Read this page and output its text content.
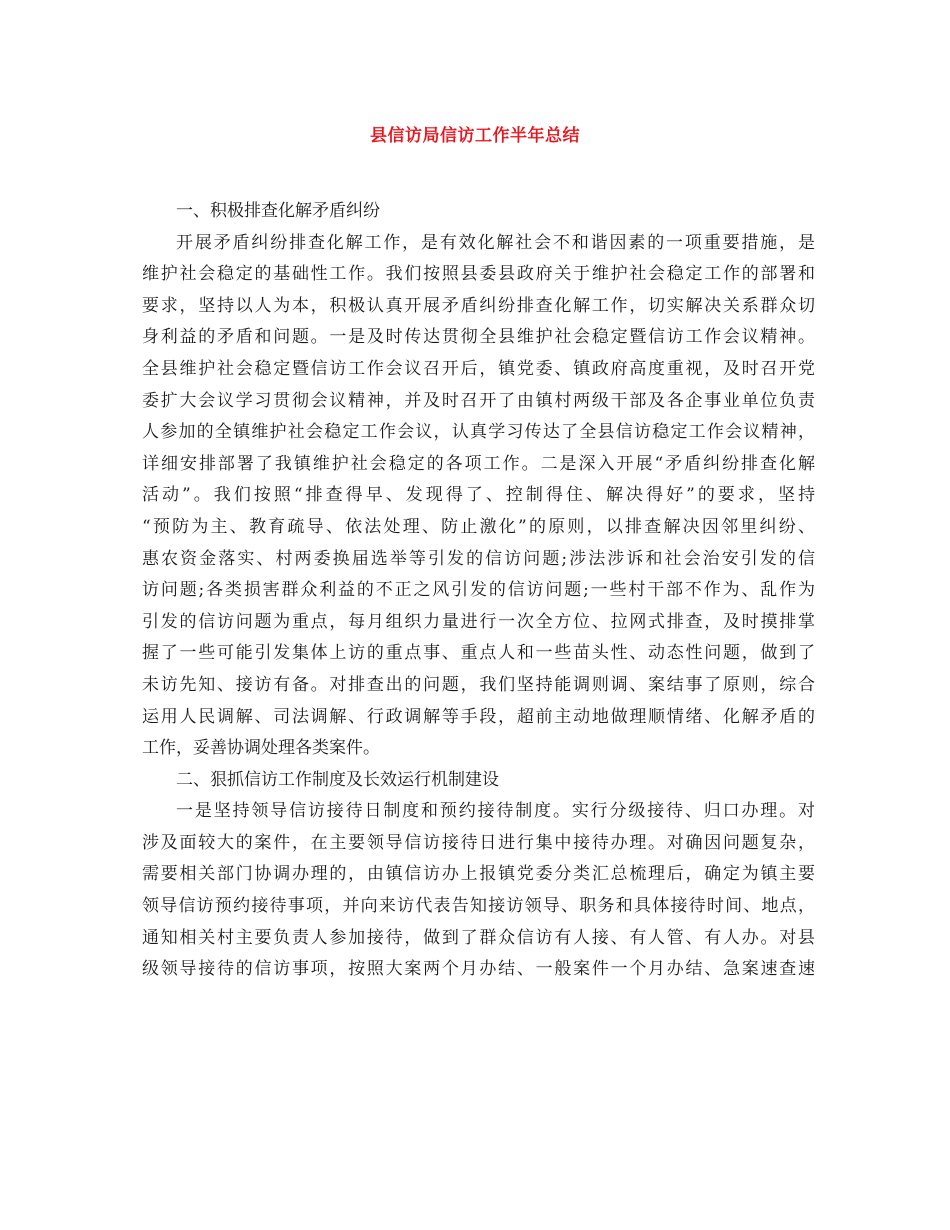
县信访局信访工作半年总结
一、积极排查化解矛盾纠纷
开展矛盾纠纷排查化解工作，是有效化解社会不和谐因素的一项重要措施，是
维护社会稳定的基础性工作。我们按照县委县政府关于维护社会稳定工作的部署和
要求，坚持以人为本，积极认真开展矛盾纠纷排查化解工作，切实解决关系群众切
身利益的矛盾和问题。一是及时传达贯彻全县维护社会稳定暨信访工作会议精神。
全县维护社会稳定暨信访工作会议召开后，镇党委、镇政府高度重视，及时召开党
委扩大会议学习贯彻会议精神，并及时召开了由镇村两级干部及各企事业单位负责
人参加的全镇维护社会稳定工作会议，认真学习传达了全县信访稳定工作会议精神，
详细安排部署了我镇维护社会稳定的各项工作。二是深入开展“矛盾纠纷排查化解
活动”。我们按照“排查得早、发现得了、控制得住、解决得好”的要求，坚持
“预防为主、教育疏导、依法处理、防止激化”的原则，以排查解决因邻里纠纷、
惠农资金落实、村两委换届选举等引发的信访问题;涉法涉诉和社会治安引发的信
访问题;各类损害群众利益的不正之风引发的信访问题;一些村干部不作为、乱作为
引发的信访问题为重点，每月组织力量进行一次全方位、拉网式排查，及时摸排掌
握了一些可能引发集体上访的重点事、重点人和一些苗头性、动态性问题，做到了
未访先知、接访有备。对排查出的问题，我们坚持能调则调、案结事了原则，综合
运用人民调解、司法调解、行政调解等手段，超前主动地做理顺情绪、化解矛盾的
工作，妥善协调处理各类案件。
二、狠抓信访工作制度及长效运行机制建设
一是坚持领导信访接待日制度和预约接待制度。实行分级接待、归口办理。对
涉及面较大的案件，在主要领导信访接待日进行集中接待办理。对确因问题复杂，
需要相关部门协调办理的，由镇信访办上报镇党委分类汇总梳理后，确定为镇主要
领导信访预约接待事项，并向来访代表告知接访领导、职务和具体接待时间、地点，
通知相关村主要负责人参加接待，做到了群众信访有人接、有人管、有人办。对县
级领导接待的信访事项，按照大案两个月办结、一般案件一个月办结、急案速查速
